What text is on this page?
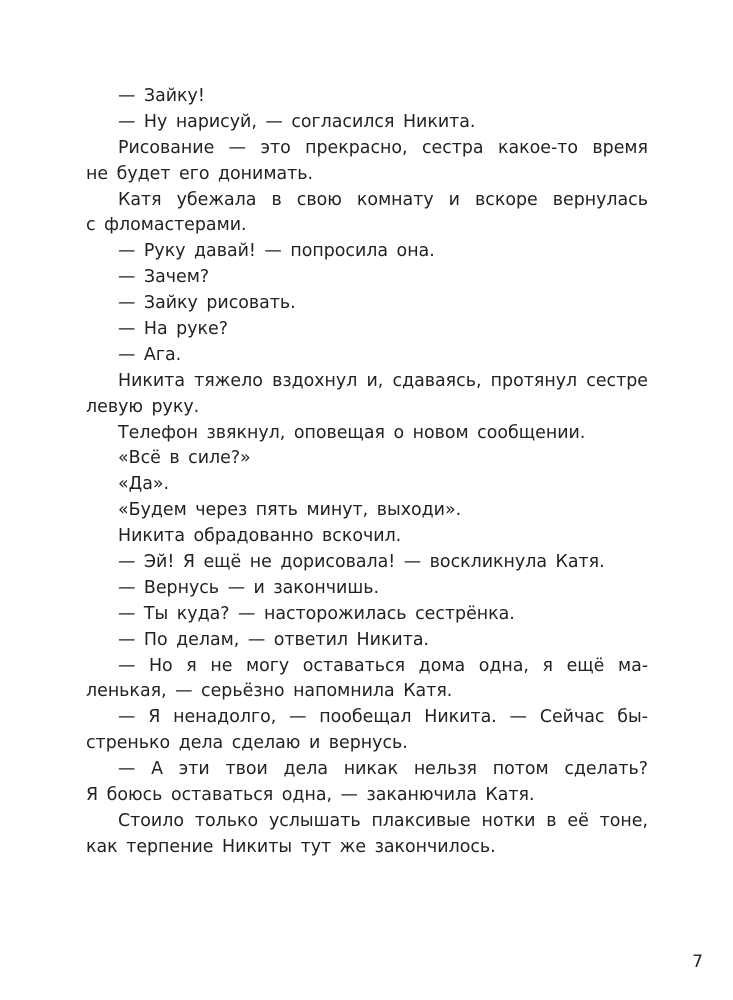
— Зайку!
— Ну нарисуй, — согласился Никита.
Рисование — это прекрасно, сестра какое-то время
не будет его донимать.
Катя убежала в свою комнату и вскоре вернулась
с фломастерами.
— Руку давай! — попросила она.
— Зачем?
— Зайку рисовать.
— На руке?
— Ага.
Никита тяжело вздохнул и, сдаваясь, протянул сестре
левую руку.
Телефон звякнул, оповещая о новом сообщении.
«Всё в силе?»
«Да».
«Будем через пять минут, выходи».
Никита обрадованно вскочил.
— Эй! Я ещё не дорисовала! — воскликнула Катя.
— Вернусь — и закончишь.
— Ты куда? — насторожилась сестрёнка.
— По делам, — ответил Никита.
— Но я не могу оставаться дома одна, я ещё ма-
ленькая, — серьёзно напомнила Катя.
— Я ненадолго, — пообещал Никита. — Сейчас бы-
стренько дела сделаю и вернусь.
— А эти твои дела никак нельзя потом сделать?
Я боюсь оставаться одна, — заканючила Катя.
Стоило только услышать плаксивые нотки в её тоне,
как терпение Никиты тут же закончилось.
7
